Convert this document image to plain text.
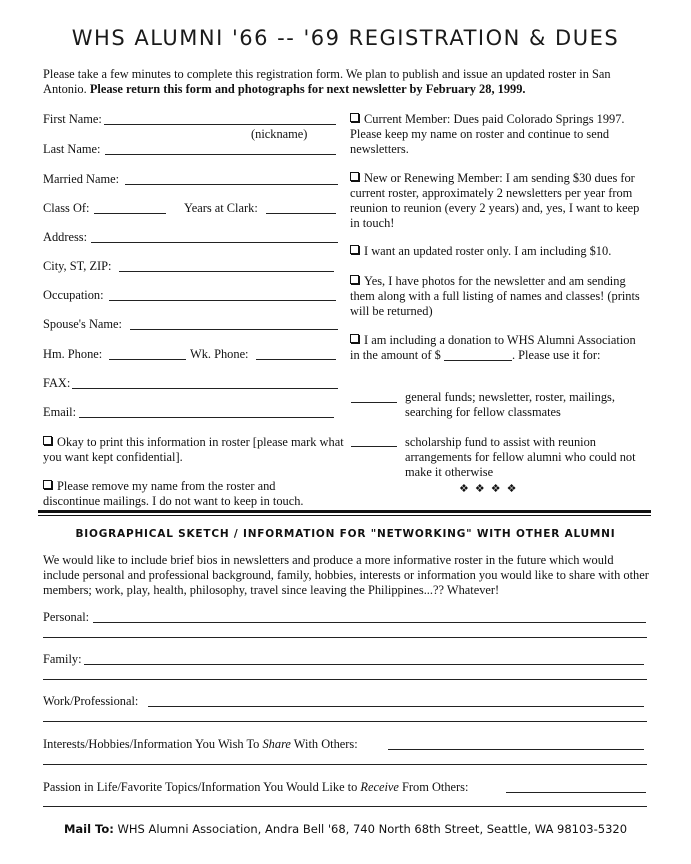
WHS ALUMNI '66 -- '69 REGISTRATION & DUES
Please take a few minutes to complete this registration form. We plan to publish and issue an updated roster in San Antonio. Please return this form and photographs for next newsletter by February 28, 1999.
First Name:
(nickname)
Last Name:
Married Name:
Class Of:	Years at Clark:
Address:
City, ST, ZIP:
Occupation:
Spouse's Name:
Hm. Phone:	Wk. Phone:
FAX:
Email:
Okay to print this information in roster [please mark what you want kept confidential].
Please remove my name from the roster and discontinue mailings. I do not want to keep in touch.
Current Member: Dues paid Colorado Springs 1997. Please keep my name on roster and continue to send newsletters.
New or Renewing Member: I am sending $30 dues for current roster, approximately 2 newsletters per year from reunion to reunion (every 2 years) and, yes, I want to keep in touch!
I want an updated roster only. I am including $10.
Yes, I have photos for the newsletter and am sending them along with a full listing of names and classes! (prints will be returned)
I am including a donation to WHS Alumni Association in the amount of $	. Please use it for:
general funds; newsletter, roster, mailings, searching for fellow classmates
scholarship fund to assist with reunion arrangements for fellow alumni who could not make it otherwise
❖❖❖❖
BIOGRAPHICAL SKETCH / INFORMATION FOR "NETWORKING" WITH OTHER ALUMNI
We would like to include brief bios in newsletters and produce a more informative roster in the future which would include personal and professional background, family, hobbies, interests or information you would like to share with other members; work, play, health, philosophy, travel since leaving the Philippines...?? Whatever!
Personal:
Family:
Work/Professional:
Interests/Hobbies/Information You Wish To Share With Others:
Passion in Life/Favorite Topics/Information You Would Like to Receive From Others:
Mail To: WHS Alumni Association, Andra Bell '68, 740 North 68th Street, Seattle, WA 98103-5320
